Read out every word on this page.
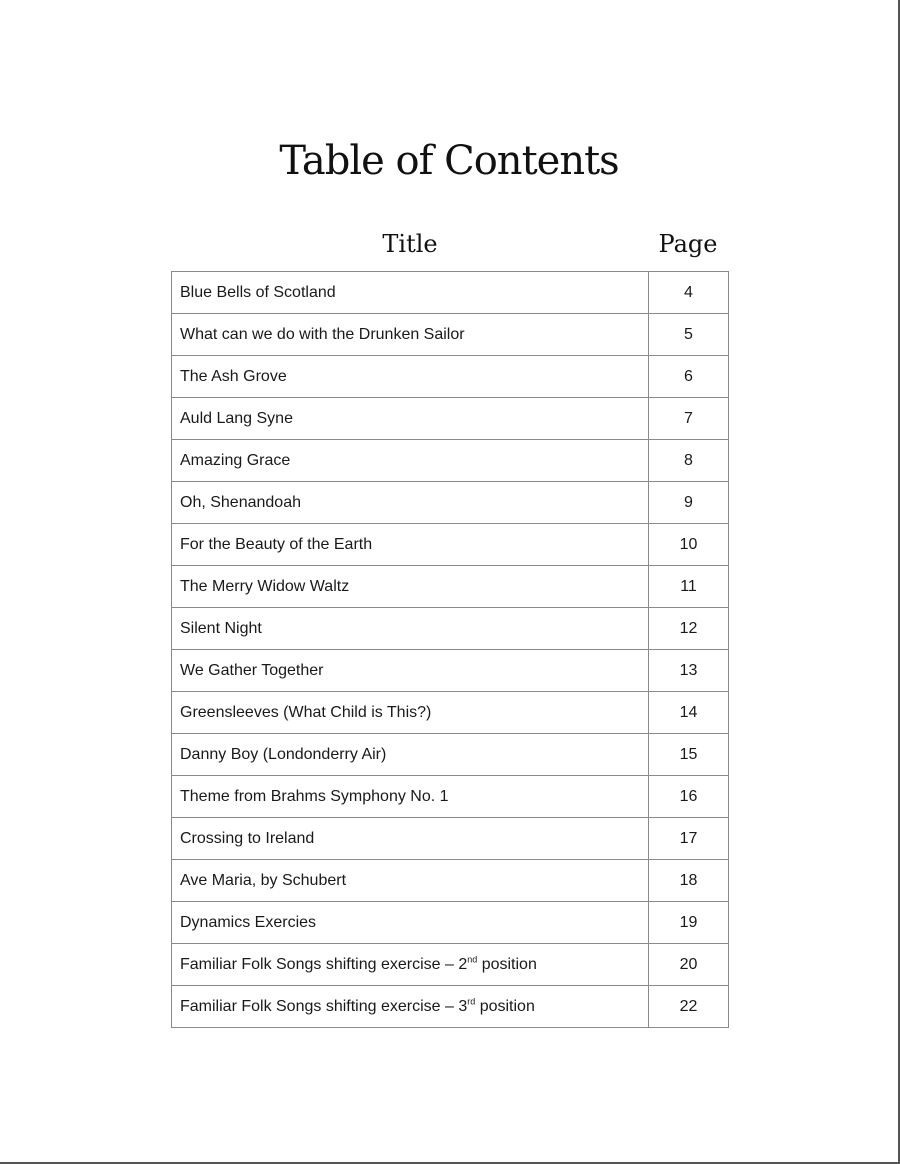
Table of Contents
Title	Page
Blue Bells of Scotland	4
What can we do with the Drunken Sailor	5
The Ash Grove	6
Auld Lang Syne	7
Amazing Grace	8
Oh, Shenandoah	9
For the Beauty of the Earth	10
The Merry Widow Waltz	11
Silent Night	12
We Gather Together	13
Greensleeves (What Child is This?)	14
Danny Boy (Londonderry Air)	15
Theme from Brahms Symphony No. 1	16
Crossing to Ireland	17
Ave Maria, by Schubert	18
Dynamics Exercies	19
Familiar Folk Songs shifting exercise – 2nd position	20
Familiar Folk Songs shifting exercise – 3rd position	22
